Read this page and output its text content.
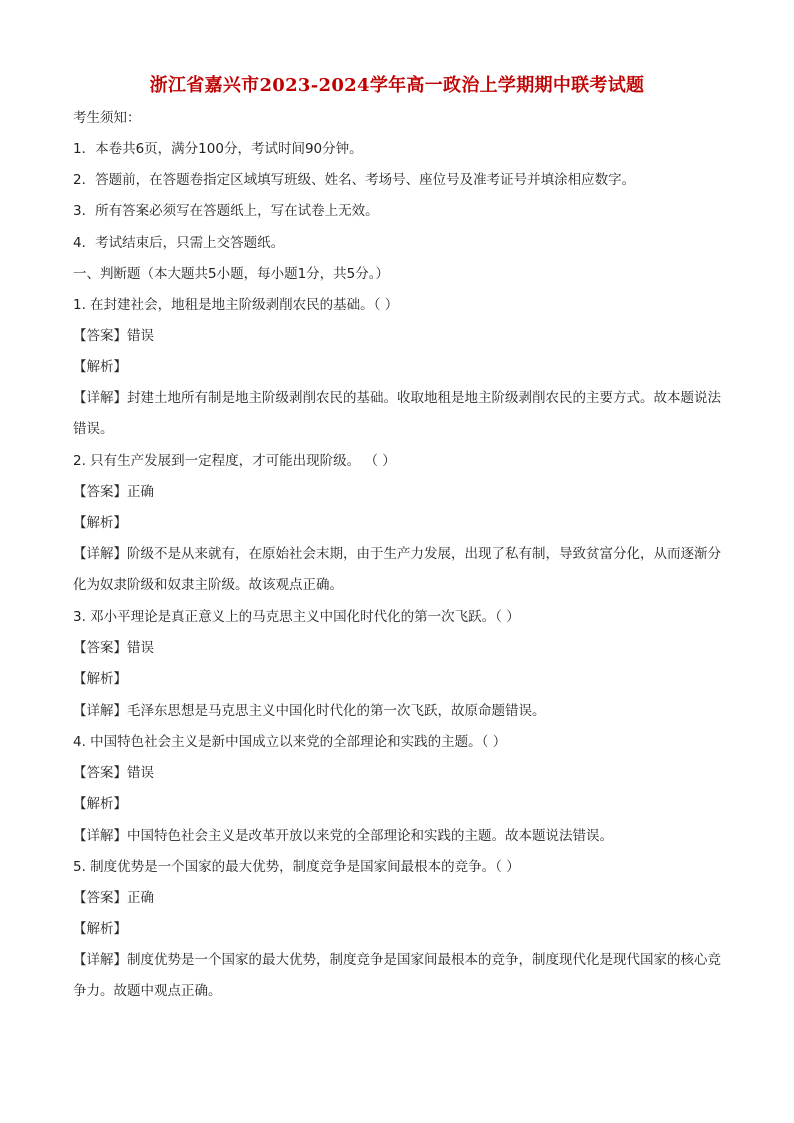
浙江省嘉兴市2023-2024学年高一政治上学期期中联考试题
考生须知：
1．本卷共6页，满分100分，考试时间90分钟。
2．答题前，在答题卷指定区域填写班级、姓名、考场号、座位号及准考证号并填涂相应数字。
3．所有答案必须写在答题纸上，写在试卷上无效。
4．考试结束后，只需上交答题纸。
一、判断题（本大题共5小题，每小题1分，共5分。）
1. 在封建社会，地租是地主阶级剥削农民的基础。（ ）
【答案】错误
【解析】
【详解】封建土地所有制是地主阶级剥削农民的基础。收取地租是地主阶级剥削农民的主要方式。故本题说法错误。
2. 只有生产发展到一定程度，才可能出现阶级。 （ ）
【答案】正确
【解析】
【详解】阶级不是从来就有，在原始社会末期，由于生产力发展，出现了私有制，导致贫富分化，从而逐渐分化为奴隶阶级和奴隶主阶级。故该观点正确。
3. 邓小平理论是真正意义上的马克思主义中国化时代化的第一次飞跃。（ ）
【答案】错误
【解析】
【详解】毛泽东思想是马克思主义中国化时代化的第一次飞跃，故原命题错误。
4. 中国特色社会主义是新中国成立以来党的全部理论和实践的主题。（ ）
【答案】错误
【解析】
【详解】中国特色社会主义是改革开放以来党的全部理论和实践的主题。故本题说法错误。
5. 制度优势是一个国家的最大优势，制度竞争是国家间最根本的竞争。（ ）
【答案】正确
【解析】
【详解】制度优势是一个国家的最大优势，制度竞争是国家间最根本的竞争，制度现代化是现代国家的核心竞争力。故题中观点正确。
